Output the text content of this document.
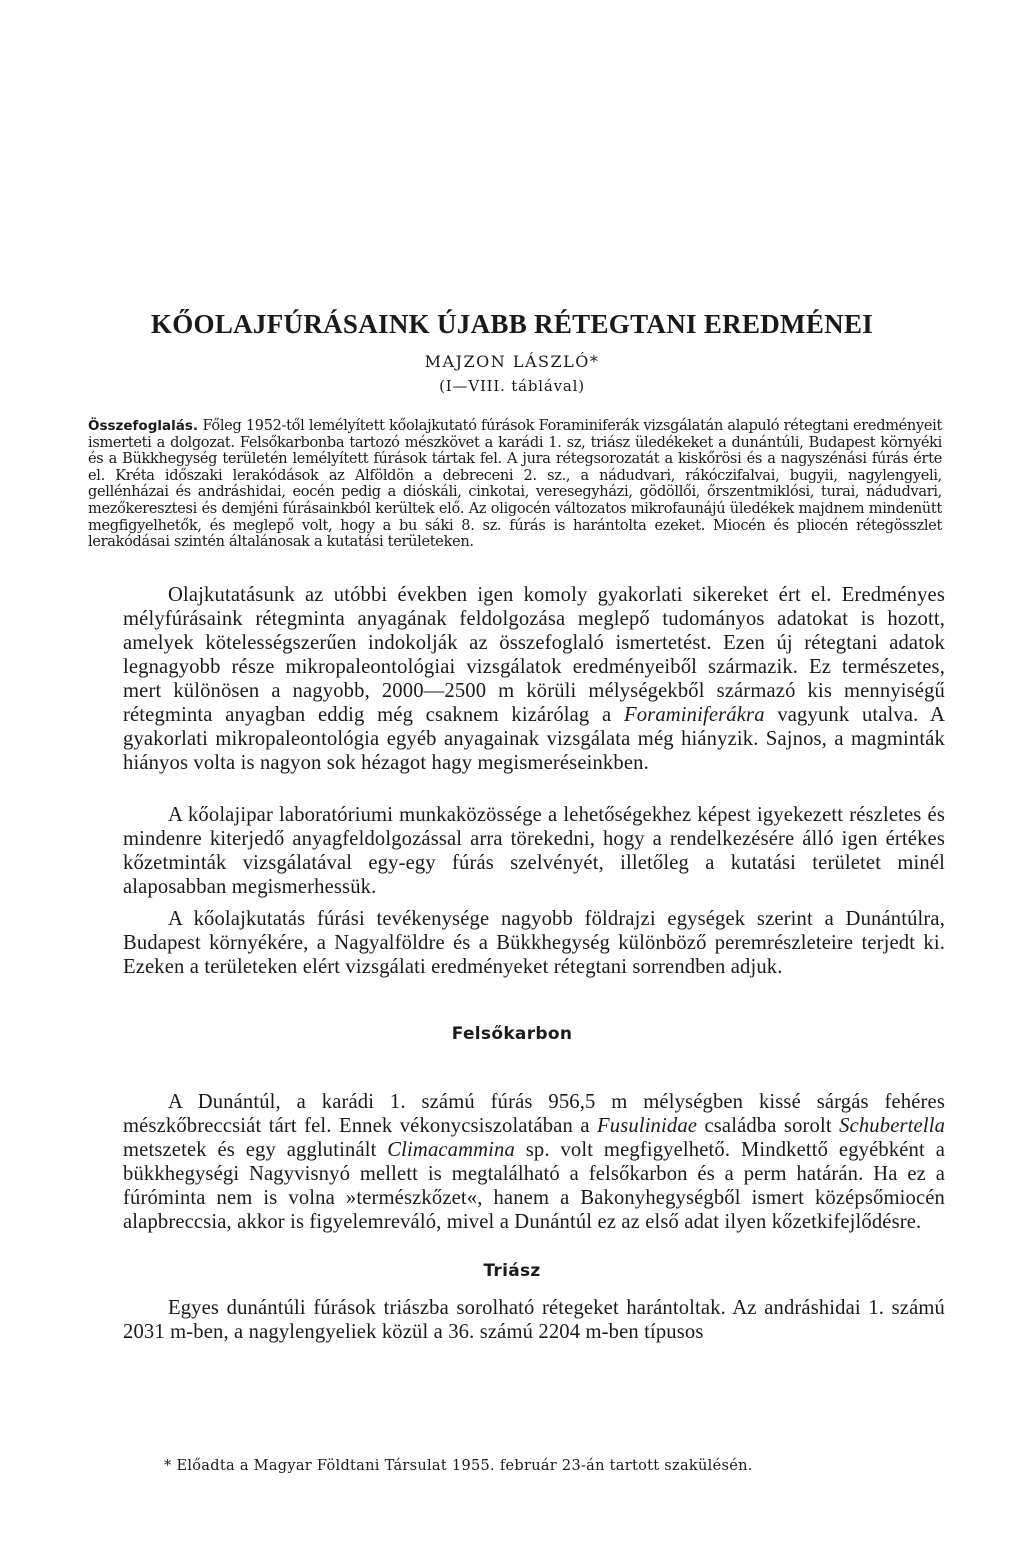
KŐOLAJFÚRÁSAINK ÚJABB RÉTEGTANI EREDMÉNEI

MAJZON LÁSZLÓ*

(I—VIII. táblával)

Összefoglalás. Főleg 1952-től lemélyített kőolajkutató fúrások Foraminiferák vizsgálatán alapuló rétegtani eredményeit ismerteti a dolgozat. Felsőkarbonba tartozó mészkövet a karádi 1. sz, triász üledékeket a dunántúli, Budapest környéki és a Bükkhegység területén lemélyített fúrások tártak fel. A jura rétegsorozatát a kiskőrösi és a nagyszénási fúrás érte el. Kréta időszaki lerakódások az Alföldön a debreceni 2. sz., a nádudvari, rákóczifalvai, bugyii, nagylengyeli, gellénházai és andráshidai, eocén pedig a dióskáli, cinkotai, veresegyházi, gödöllői, őrszentmiklósi, turai, nádudvari, mezőkeresztesi és demjéni fúrásainkból kerültek elő. Az oligocén változatos mikrofaunájú üledékek majdnem mindenütt megfigyelhetők, és meglepő volt, hogy a bu sáki 8. sz. fúrás is harántolta ezeket. Miocén és pliocén rétegösszlet lerakódásai szintén általánosak a kutatási területeken.

Olajkutatásunk az utóbbi években igen komoly gyakorlati sikereket ért el. Eredményes mélyfúrásaink rétegminta anyagának feldolgozása meglepő tudományos adatokat is hozott, amelyek kötelességszerűen indokolják az összefoglaló ismertetést. Ezen új rétegtani adatok legnagyobb része mikropaleontológiai vizsgálatok eredményeiből származik. Ez természetes, mert különösen a nagyobb, 2000—2500 m körüli mélységekből származó kis mennyiségű rétegminta anyagban eddig még csaknem kizárólag a Foraminiferákra vagyunk utalva. A gyakorlati mikropaleontológia egyéb anyagainak vizsgálata még hiányzik. Sajnos, a magminták hiányos volta is nagyon sok hézagot hagy megismeréseinkben.

A kőolajipar laboratóriumi munkaközössége a lehetőségekhez képest igyekezett részletes és mindenre kiterjedő anyagfeldolgozással arra törekedni, hogy a rendelkezésére álló igen értékes kőzetminták vizsgálatával egy-egy fúrás szelvényét, illetőleg a kutatási területet minél alaposabban megismerhessük.

A kőolajkutatás fúrási tevékenysége nagyobb földrajzi egységek szerint a Dunántúlra, Budapest környékére, a Nagyalföldre és a Bükkhegység különböző peremrészleteire terjedt ki. Ezeken a területeken elért vizsgálati eredményeket rétegtani sorrendben adjuk.

Felsőkarbon

A Dunántúl, a karádi 1. számú fúrás 956,5 m mélységben kissé sárgás fehéres mészkőbreccsiát tárt fel. Ennek vékonycsiszolatában a Fusulinidae családba sorolt Schubertella metszetek és egy agglutinált Climacammina sp. volt megfigyelhető. Mindkettő egyébként a bükkhegységi Nagyvisnyó mellett is megtalálható a felsőkarbon és a perm határán. Ha ez a fúróminta nem is volna »természkőzet«, hanem a Bakonyhegységből ismert középsőmiocén alapbreccsia, akkor is figyelemreváló, mivel a Dunántúl ez az első adat ilyen kőzetkifejlődésre.

Triász

Egyes dunántúli fúrások triászba sorolható rétegeket harántoltak. Az andráshidai 1. számú 2031 m-ben, a nagylengyeliek közül a 36. számú 2204 m-ben típusos

* Előadta a Magyar Földtani Társulat 1955. február 23-án tartott szakülésén.
